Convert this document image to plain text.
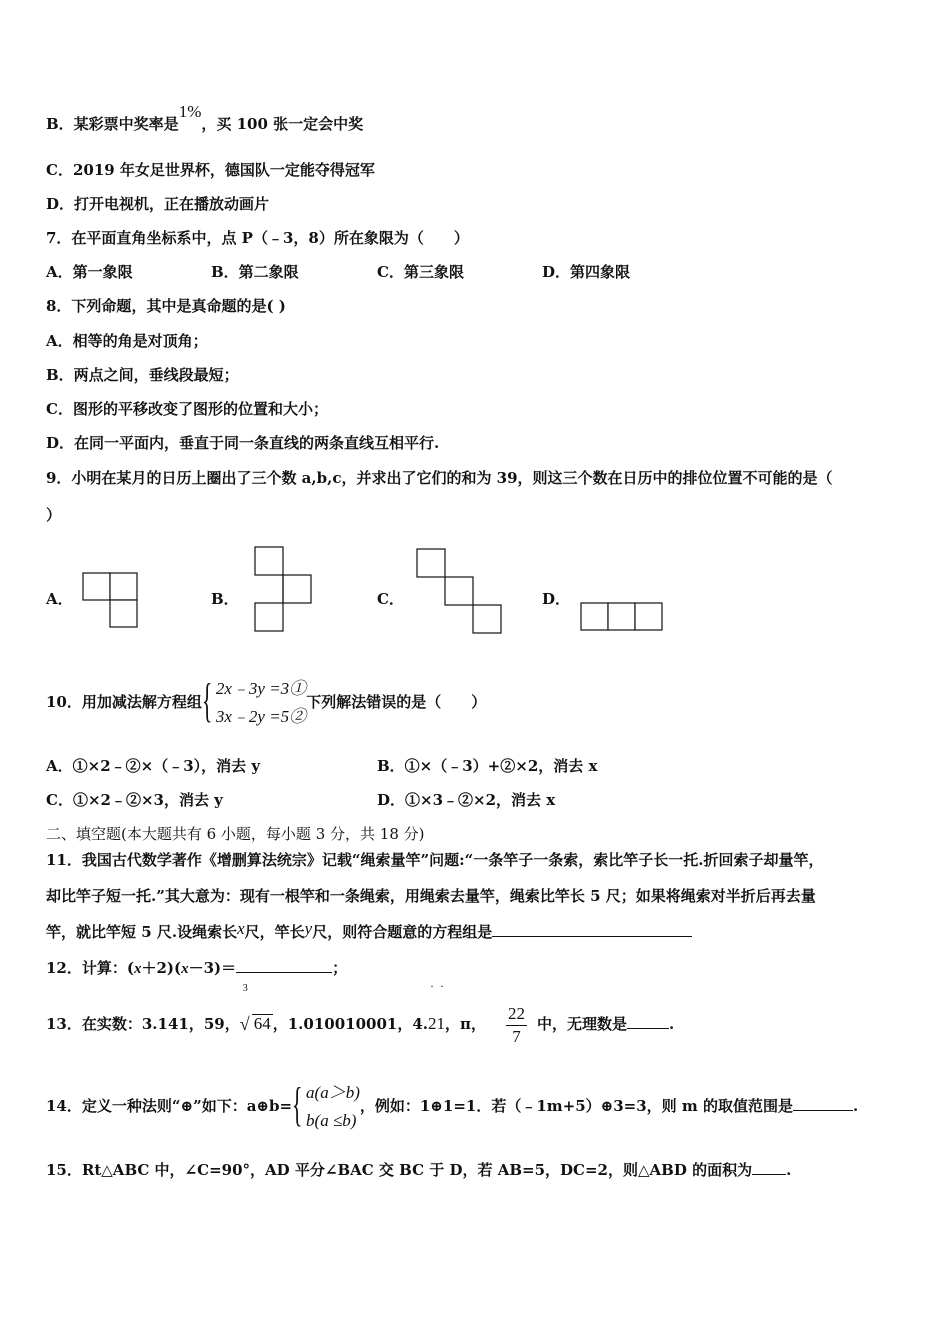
B．某彩票中奖率是1%，买 100 张一定会中奖
C．2019 年女足世界杯，德国队一定能夺得冠军
D．打开电视机，正在播放动画片
7．在平面直角坐标系中，点 P（﹣3，8）所在象限为（　　）
A．第一象限	B．第二象限	C．第三象限	D．第四象限
8．下列命题，其中是真命题的是( )
A．相等的角是对顶角；
B．两点之间，垂线段最短；
C．图形的平移改变了图形的位置和大小；
D．在同一平面内，垂直于同一条直线的两条直线互相平行.
9．小明在某月的日历上圈出了三个数 a,b,c，并求出了它们的和为 39，则这三个数在日历中的排位位置不可能的是（
）
A．	B．	C．	D．
10．用加减法解方程组 { 2x﹣3y =3①
3x﹣2y =5②
下列解法错误的是（　　）
A．①×2﹣②×（﹣3），消去 y	B．①×（﹣3）+②×2，消去 x
C．①×2﹣②×3，消去 y	D．①×3﹣②×2，消去 x
二、填空题(本大题共有 6 小题，每小题 3 分，共 18 分)
11．我国古代数学著作《增删算法统宗》记载“绳索量竿”问题:“一条竿子一条索，索比竿子长一托.折回索子却量竿，
却比竿子短一托.”其大意为：现有一根竿和一条绳索，用绳索去量竿，绳索比竿长 5 尺；如果将绳索对半折后再去量
竿，就比竿短 5 尺.设绳索长x尺，竿长y尺，则符合题意的方程组是
12．计算：(x＋2)(x－3)＝	；
13．在实数：3.141，59，
3
√ 64 ，1.010010001，4.
· ·
21，π， $\frac{22}{7}$ 中，无理数是	.
14．定义一种法则“⊕”如下：a⊕b= { a(a＞b)
b(a ≤b)
，例如：1⊕1=1．若（﹣1m+5）⊕3=3，则 m 的取值范围是	.
15．Rt△ABC 中，∠C=90°，AD 平分∠BAC 交 BC 于 D，若 AB=5，DC=2，则△ABD 的面积为 .
